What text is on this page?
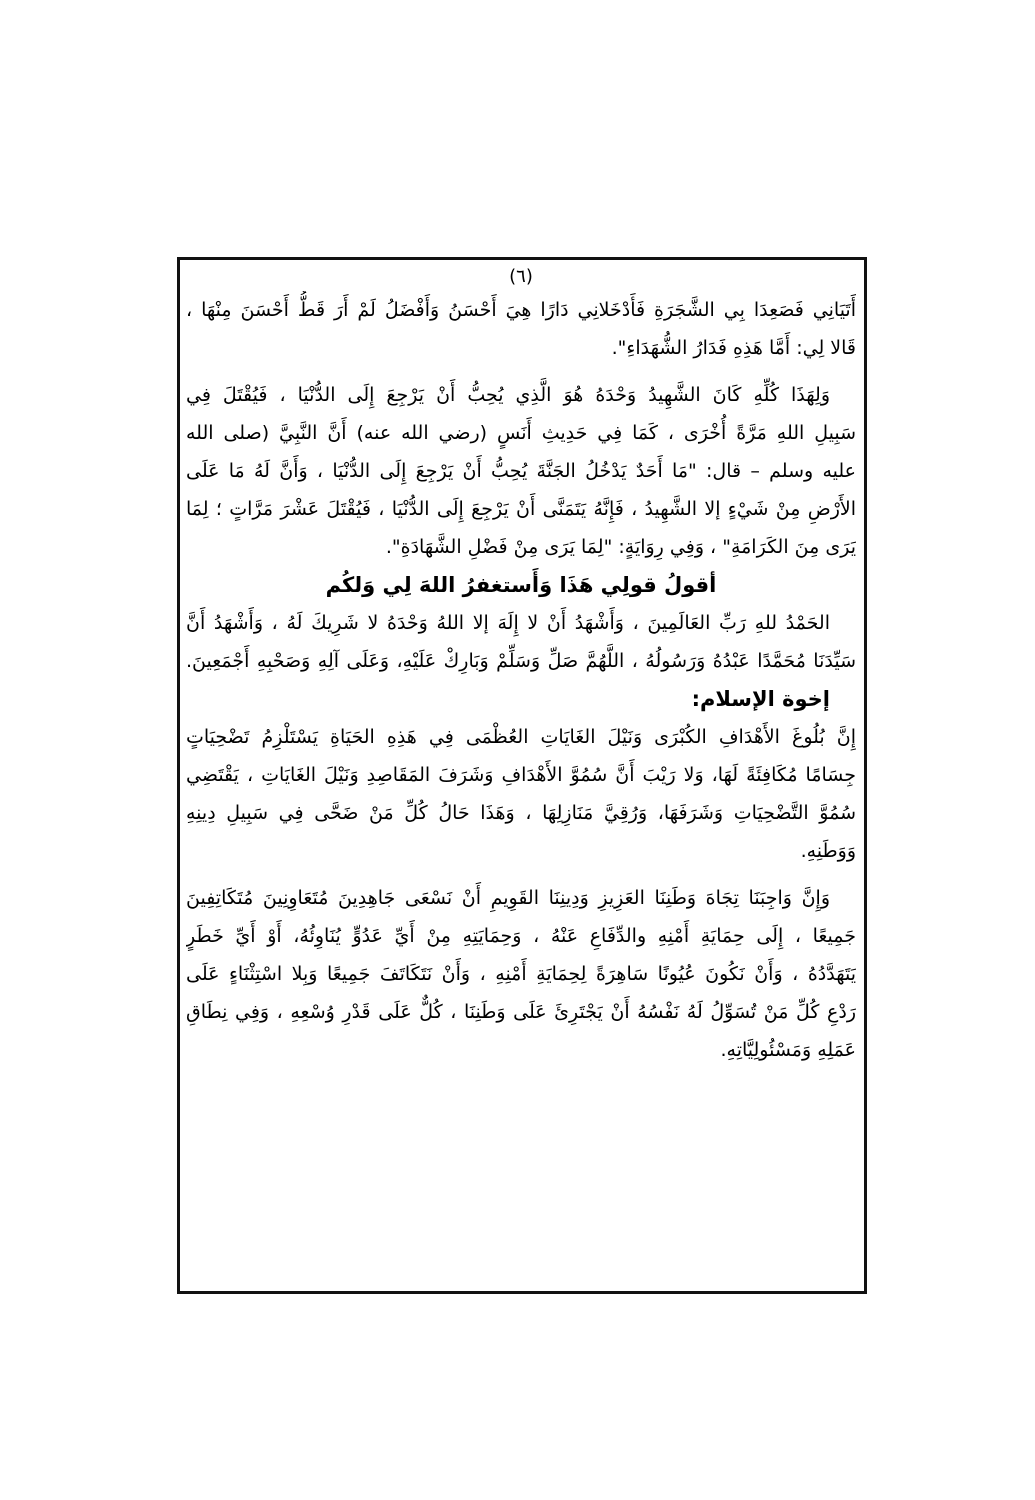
(٦)
أَتَيَانِي فَصَعِدَا بِي الشَّجَرَةِ فَأَدْخَلانِي دَارًا هِيَ أَحْسَنُ وَأَفْضَلُ لَمْ أَرَ قَطُّ أَحْسَنَ مِنْهَا ،
قَالا لِي: أَمَّا هَذِهِ فَدَارُ الشُّهَدَاءِ".
وَلِهَذَا كُلِّهِ كَانَ الشَّهِيدُ وَحْدَهُ هُوَ الَّذِي يُحِبُّ أَنْ يَرْجِعَ إِلَى الدُّنْيَا ، فَيُقْتَلَ فِي
سَبِيلِ اللهِ مَرَّةً أُخْرَى ، كَمَا فِي حَدِيثِ أَنَسٍ (رضي الله عنه) أَنَّ النَّبِيَّ (صلى الله
عليه وسلم – قال: "مَا أَحَدٌ يَدْخُلُ الجَنَّةَ يُحِبُّ أَنْ يَرْجِعَ إِلَى الدُّنْيَا ، وَأَنَّ لَهُ مَا عَلَى
الأَرْضِ مِنْ شَيْءٍ إلا الشَّهِيدُ ، فَإِنَّهُ يَتَمَنَّى أَنْ يَرْجِعَ إِلَى الدُّنْيَا ، فَيُقْتَلَ عَشْرَ مَرَّاتٍ ؛ لِمَا
يَرَى مِنَ الكَرَامَةِ" ، وَفِي رِوَايَةٍ: "لِمَا يَرَى مِنْ فَضْلِ الشَّهَادَةِ".
أقولُ قولِي هَذَا وَأَستغفرُ اللهَ لِي وَلكُم
الحَمْدُ للهِ رَبِّ العَالَمِينَ ، وَأَشْهَدُ أَنْ لا إِلَهَ إلا اللهُ وَحْدَهُ لا شَرِيكَ لَهُ ، وَأَشْهَدُ أَنَّ
سَيِّدَنَا مُحَمَّدًا عَبْدُهُ وَرَسُولُهُ ، اللَّهُمَّ صَلِّ وَسَلِّمْ وَبَارِكْ عَلَيْهِ، وَعَلَى آلِهِ وَصَحْبِهِ أَجْمَعِينَ.
إخوة الإسلام:
إِنَّ بُلُوغَ الأَهْدَافِ الكُبْرَى وَنَيْلَ الغَايَاتِ العُظْمَى فِي هَذِهِ الحَيَاةِ يَسْتَلْزِمُ تَضْحِيَاتٍ
جِسَامًا مُكَافِئَةً لَهَا، وَلا رَيْبَ أَنَّ سُمُوَّ الأَهْدَافِ وَشَرَفَ المَقَاصِدِ وَنَيْلَ الغَايَاتِ ، يَقْتَضِي
سُمُوَّ التَّضْحِيَاتِ وَشَرَفَهَا، وَرُقِيَّ مَنَازِلِهَا ، وَهَذَا حَالُ كُلِّ مَنْ ضَحَّى فِي سَبِيلِ دِينِهِ
وَوَطَنِهِ.
وَإِنَّ وَاجِبَنَا تِجَاهَ وَطَنِنَا العَزِيزِ وَدِينِنَا القَوِيمِ أَنْ نَسْعَى جَاهِدِينَ مُتَعَاوِنِينَ مُتَكَاتِفِينَ
جَمِيعًا ، إِلَى حِمَايَةِ أَمْنِهِ والدِّفَاعِ عَنْهُ ، وَحِمَايَتِهِ مِنْ أَيِّ عَدُوٍّ يُنَاوِئُهُ، أَوْ أَيِّ خَطَرٍ
يَتَهَدَّدُهُ ، وَأَنْ نَكُونَ عُيُونًا سَاهِرَةً لِحِمَايَةِ أَمْنِهِ ، وَأَنْ نَتَكَاتَفَ جَمِيعًا وَبِلا اسْتِثْنَاءٍ عَلَى
رَدْعِ كُلِّ مَنْ تُسَوِّلُ لَهُ نَفْسُهُ أَنْ يَجْتَرِئَ عَلَى وَطَنِنَا ، كُلٌّ عَلَى قَدْرِ وُسْعِهِ ، وَفِي نِطَاقِ
عَمَلِهِ وَمَسْئُولِيَّاتِهِ.
